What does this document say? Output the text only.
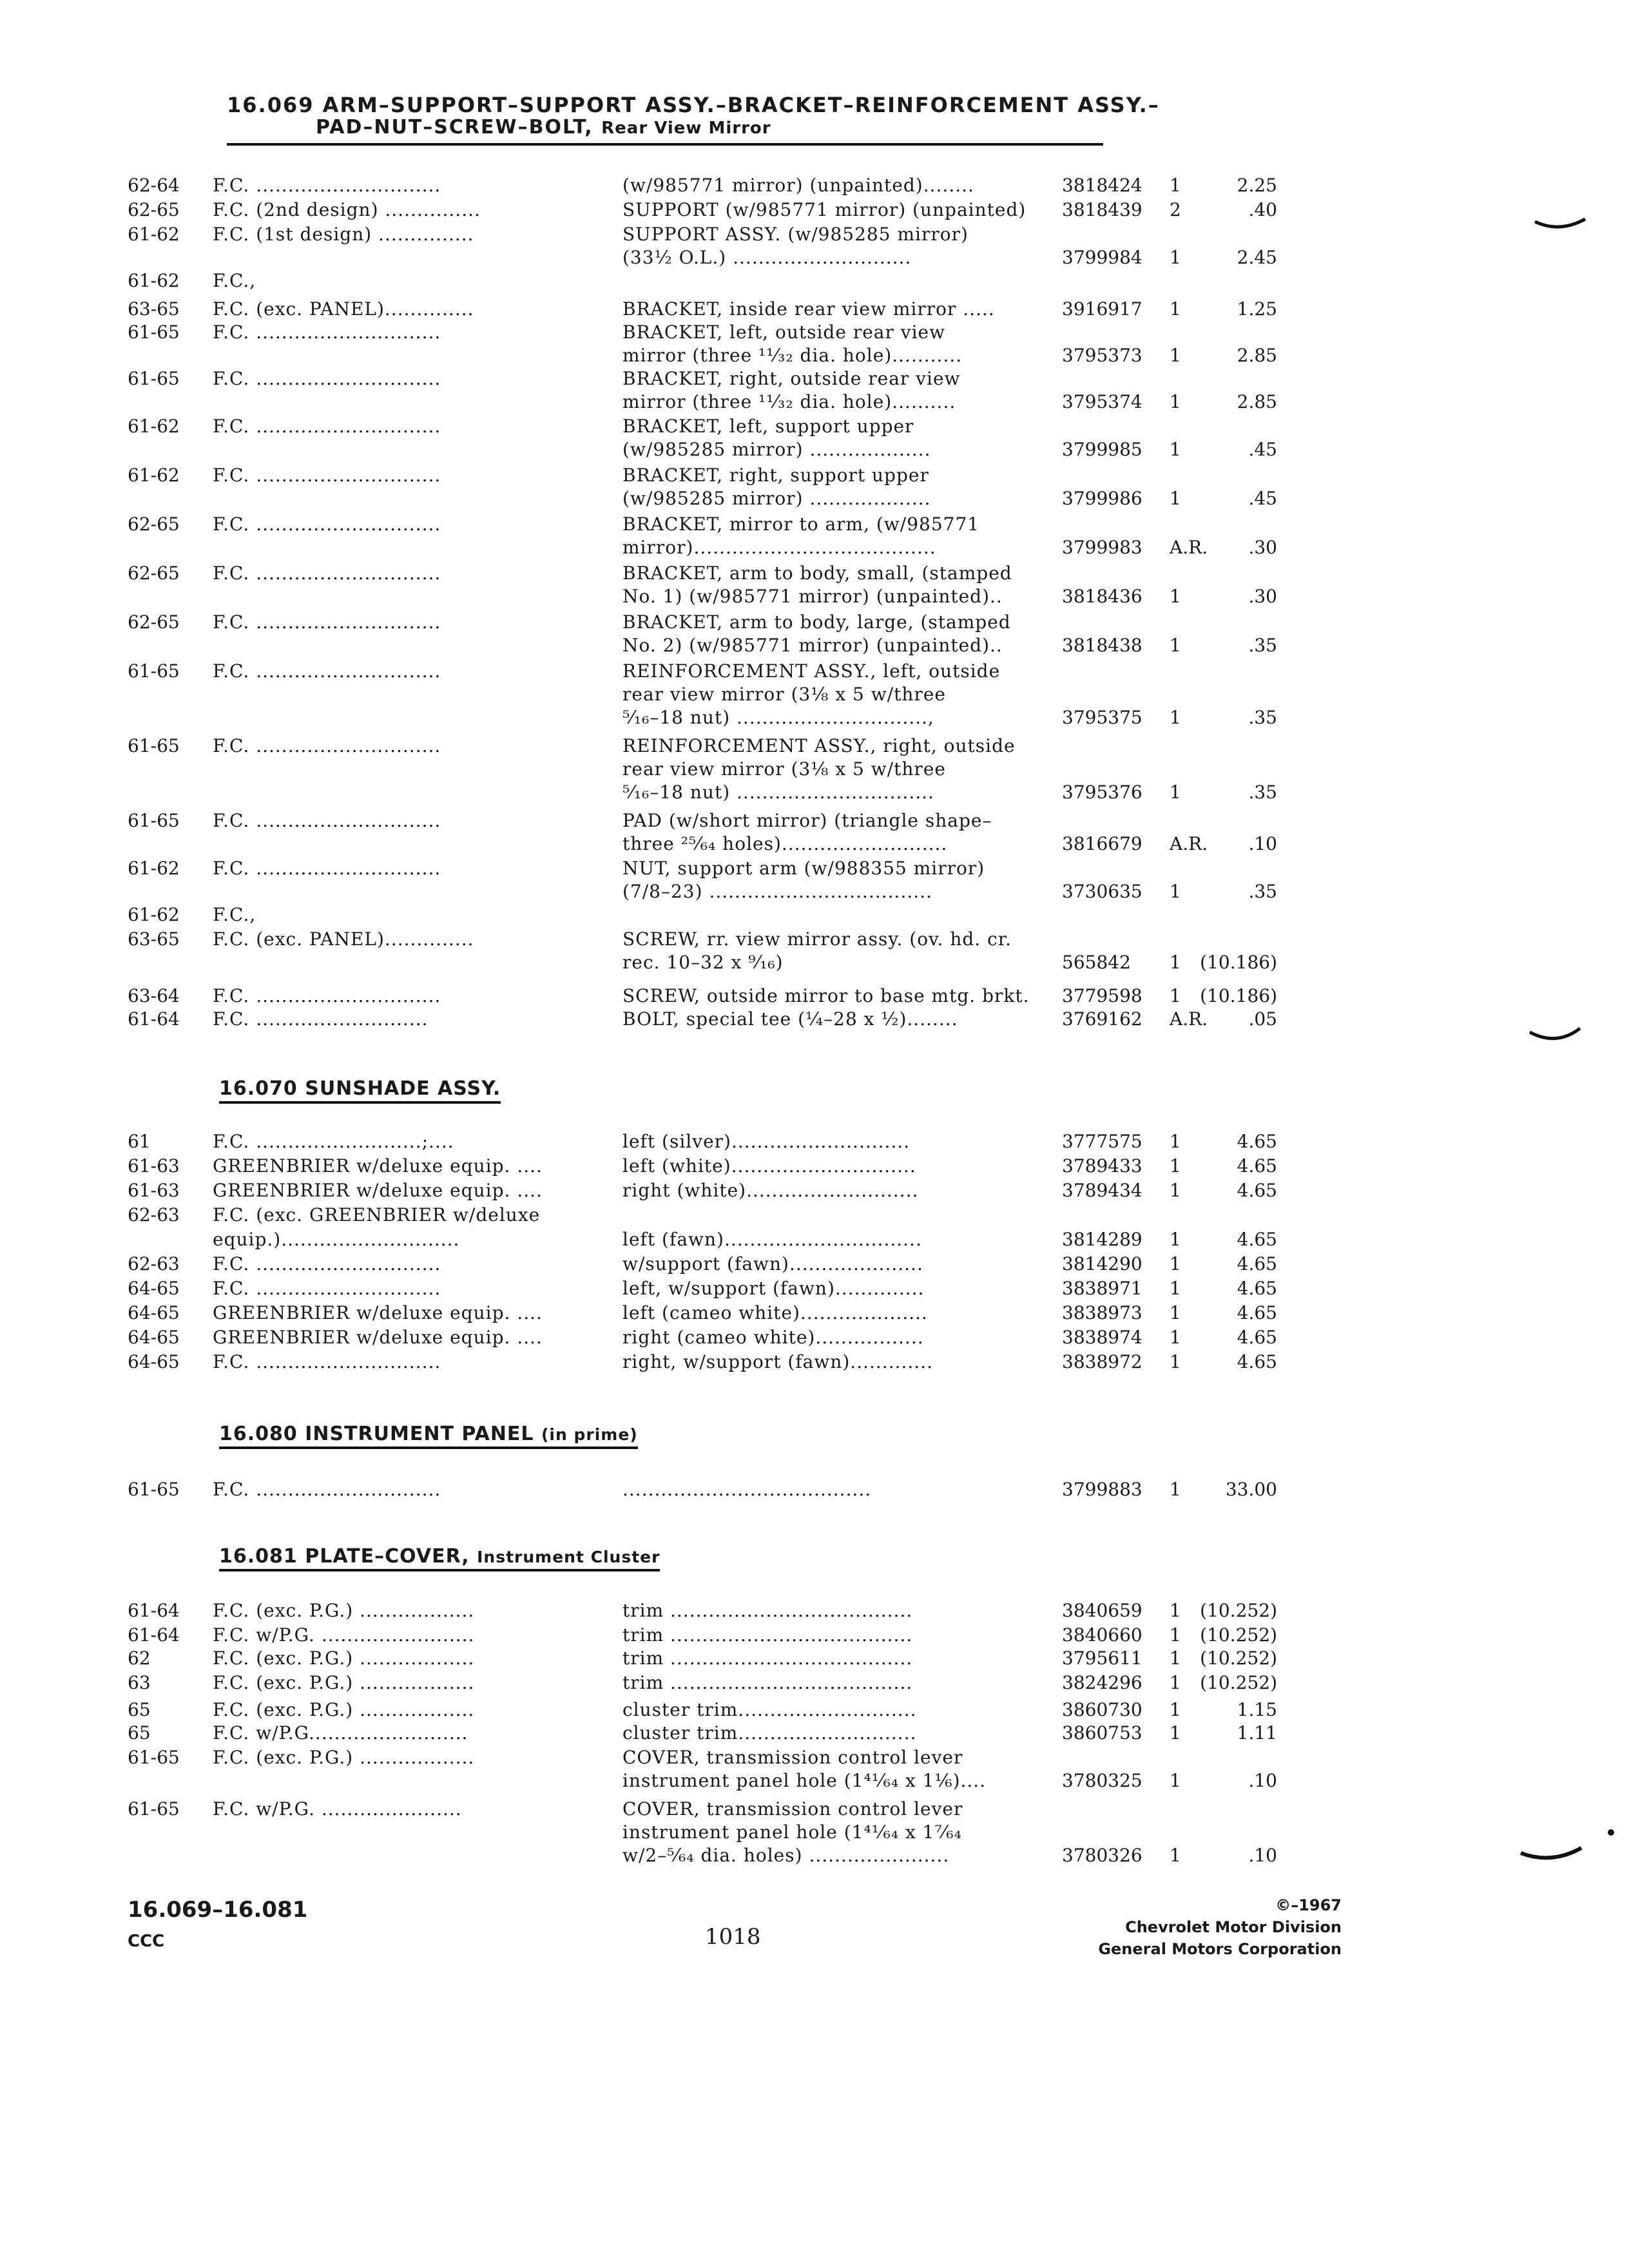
16.069 ARM–SUPPORT–SUPPORT ASSY.–BRACKET–REINFORCEMENT ASSY.–
PAD–NUT–SCREW–BOLT, Rear View Mirror
62-64 F.C. .............................	(w/985771 mirror) (unpainted)........	3818424 1	2.25
62-65 F.C. (2nd design) ...............	SUPPORT (w/985771 mirror) (unpainted) 3818439 2	.40
61-62 F.C. (1st design) ...............	SUPPORT ASSY. (w/985285 mirror)
(33½ O.L.) ............................	3799984 1	2.45
61-62 F.C.,
63-65 F.C. (exc. PANEL)..............	BRACKET, inside rear view mirror .....	3916917 1	1.25
61-65 F.C. .............................	BRACKET, left, outside rear view
mirror (three ¹¹⁄₃₂ dia. hole)...........	3795373 1	2.85
61-65 F.C. .............................	BRACKET, right, outside rear view
mirror (three ¹¹⁄₃₂ dia. hole)..........	3795374 1	2.85
61-62 F.C. .............................	BRACKET, left, support upper
(w/985285 mirror) ...................	3799985 1	.45
61-62 F.C. .............................	BRACKET, right, support upper
(w/985285 mirror) ...................	3799986 1	.45
62-65 F.C. .............................	BRACKET, mirror to arm, (w/985771
mirror)......................................	3799983 A.R.	.30
62-65 F.C. .............................	BRACKET, arm to body, small, (stamped
No. 1) (w/985771 mirror) (unpainted)..	3818436 1	.30
62-65 F.C. .............................	BRACKET, arm to body, large, (stamped
No. 2) (w/985771 mirror) (unpainted)..	3818438 1	.35
61-65 F.C. .............................	REINFORCEMENT ASSY., left, outside
rear view mirror (3⅛ x 5 w/three
⁵⁄₁₆–18 nut) ..............................,	3795375 1	.35
61-65 F.C. .............................	REINFORCEMENT ASSY., right, outside
rear view mirror (3⅛ x 5 w/three
⁵⁄₁₆–18 nut) ...............................	3795376 1	.35
61-65 F.C. .............................	PAD (w/short mirror) (triangle shape–
three ²⁵⁄₆₄ holes)..........................	3816679 A.R.	.10
61-62 F.C. .............................	NUT, support arm (w/988355 mirror)
(7/8–23) ...................................	3730635 1	.35
61-62 F.C.,
63-65 F.C. (exc. PANEL)..............	SCREW, rr. view mirror assy. (ov. hd. cr.
rec. 10–32 x ⁹⁄₁₆)	565842 1	(10.186)
63-64 F.C. .............................	SCREW, outside mirror to base mtg. brkt. 3779598 1	(10.186)
61-64 F.C. ...........................	BOLT, special tee (¼–28 x ½)........	3769162 A.R.	.05
16.070 SUNSHADE ASSY.
61	F.C. ..........................;....	left (silver)............................	3777575 1	4.65
61-63 GREENBRIER w/deluxe equip. ....	left (white).............................	3789433 1	4.65
61-63 GREENBRIER w/deluxe equip. ....	right (white)...........................	3789434 1	4.65
62-63 F.C. (exc. GREENBRIER w/deluxe
equip.)............................	left (fawn)...............................	3814289 1	4.65
62-63 F.C. .............................	w/support (fawn).....................	3814290 1	4.65
64-65 F.C. .............................	left, w/support (fawn)..............	3838971 1	4.65
64-65 GREENBRIER w/deluxe equip. ....	left (cameo white)....................	3838973 1	4.65
64-65 GREENBRIER w/deluxe equip. ....	right (cameo white).................	3838974 1	4.65
64-65 F.C. .............................	right, w/support (fawn).............	3838972 1	4.65
16.080 INSTRUMENT PANEL (in prime)
61-65 F.C. .............................	.......................................	3799883 1	33.00
16.081 PLATE–COVER, Instrument Cluster
61-64 F.C. (exc. P.G.) ..................	trim ......................................	3840659 1	(10.252)
61-64 F.C. w/P.G. ........................	trim ......................................	3840660 1	(10.252)
62	F.C. (exc. P.G.) ..................	trim ......................................	3795611 1	(10.252)
63	F.C. (exc. P.G.) ..................	trim ......................................	3824296 1	(10.252)
65	F.C. (exc. P.G.) ..................	cluster trim............................	3860730 1	1.15
65	F.C. w/P.G.........................	cluster trim............................	3860753 1	1.11
61-65 F.C. (exc. P.G.) ..................	COVER, transmission control lever
instrument panel hole (1⁴¹⁄₆₄ x 1⅙)....	3780325 1	.10
61-65 F.C. w/P.G. ......................	COVER, transmission control lever
instrument panel hole (1⁴¹⁄₆₄ x 1⁷⁄₆₄
w/2–⁵⁄₆₄ dia. holes) ......................	3780326 1	.10
16.069–16.081
CCC	1018
©–1967
Chevrolet Motor Division
General Motors Corporation
